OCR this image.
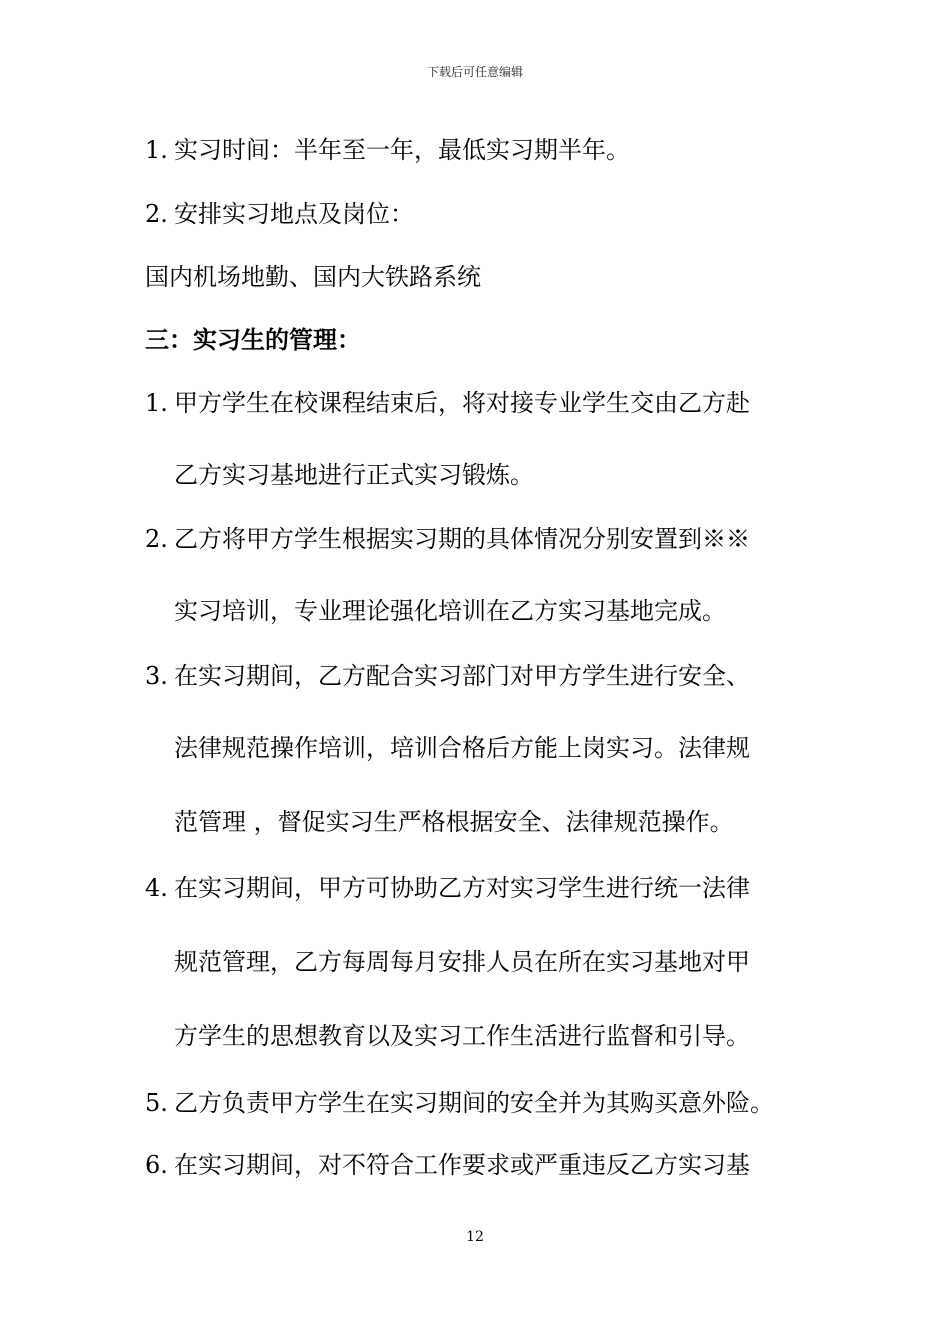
下载后可任意编辑
1. 实习时间：半年至一年，最低实习期半年。
2. 安排实习地点及岗位：
国内机场地勤、国内大铁路系统
三：实习生的管理：
1. 甲方学生在校课程结束后，将对接专业学生交由乙方赴
乙方实习基地进行正式实习锻炼。
2. 乙方将甲方学生根据实习期的具体情况分别安置到※※
实习培训，专业理论强化培训在乙方实习基地完成。
3. 在实习期间，乙方配合实习部门对甲方学生进行安全、
法律规范操作培训，培训合格后方能上岗实习。法律规
范管理 ，督促实习生严格根据安全、法律规范操作。
4. 在实习期间，甲方可协助乙方对实习学生进行统一法律
规范管理，乙方每周每月安排人员在所在实习基地对甲
方学生的思想教育以及实习工作生活进行监督和引导。
5. 乙方负责甲方学生在实习期间的安全并为其购买意外险。
6. 在实习期间，对不符合工作要求或严重违反乙方实习基
12
